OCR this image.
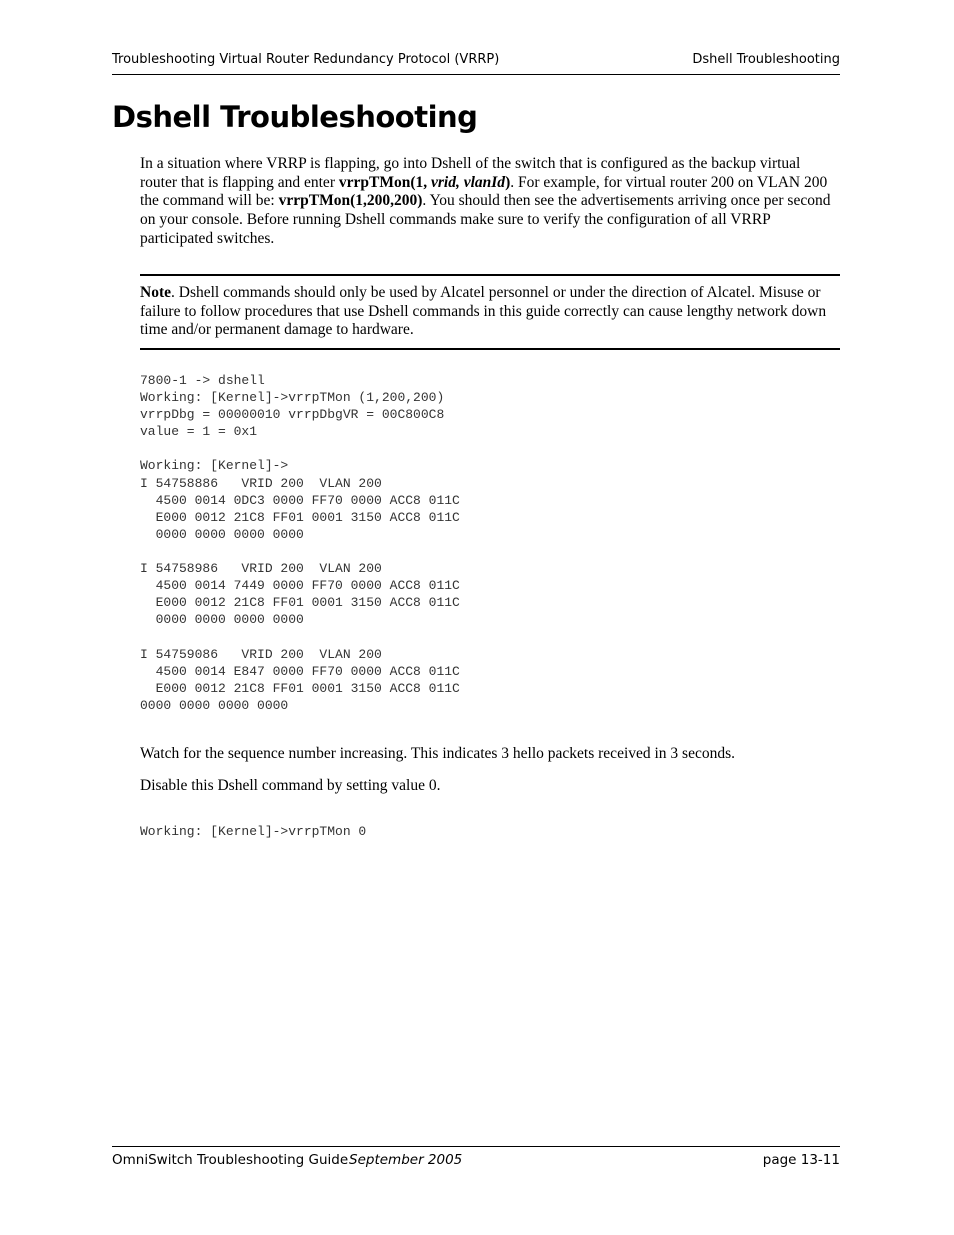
Troubleshooting Virtual Router Redundancy Protocol (VRRP)	Dshell Troubleshooting
Dshell Troubleshooting
In a situation where VRRP is flapping, go into Dshell of the switch that is configured as the backup virtual router that is flapping and enter vrrpTMon(1, vrid, vlanId). For example, for virtual router 200 on VLAN 200 the command will be: vrrpTMon(1,200,200). You should then see the advertisements arriving once per second on your console. Before running Dshell commands make sure to verify the configuration of all VRRP participated switches.
Note. Dshell commands should only be used by Alcatel personnel or under the direction of Alcatel. Misuse or failure to follow procedures that use Dshell commands in this guide correctly can cause lengthy network down time and/or permanent damage to hardware.
7800-1 -> dshell
Working: [Kernel]->vrrpTMon (1,200,200)
vrrpDbg = 00000010 vrrpDbgVR = 00C800C8
value = 1 = 0x1

Working: [Kernel]->
I 54758886   VRID 200  VLAN 200
4500 0014 0DC3 0000 FF70 0000 ACC8 011C
E000 0012 21C8 FF01 0001 3150 ACC8 011C
0000 0000 0000 0000

I 54758986   VRID 200  VLAN 200
4500 0014 7449 0000 FF70 0000 ACC8 011C
E000 0012 21C8 FF01 0001 3150 ACC8 011C
0000 0000 0000 0000

I 54759086   VRID 200  VLAN 200
4500 0014 E847 0000 FF70 0000 ACC8 011C
E000 0012 21C8 FF01 0001 3150 ACC8 011C
0000 0000 0000 0000
Watch for the sequence number increasing. This indicates 3 hello packets received in 3 seconds.
Disable this Dshell command by setting value 0.
Working: [Kernel]->vrrpTMon 0
OmniSwitch Troubleshooting Guide September 2005	page 13-11
